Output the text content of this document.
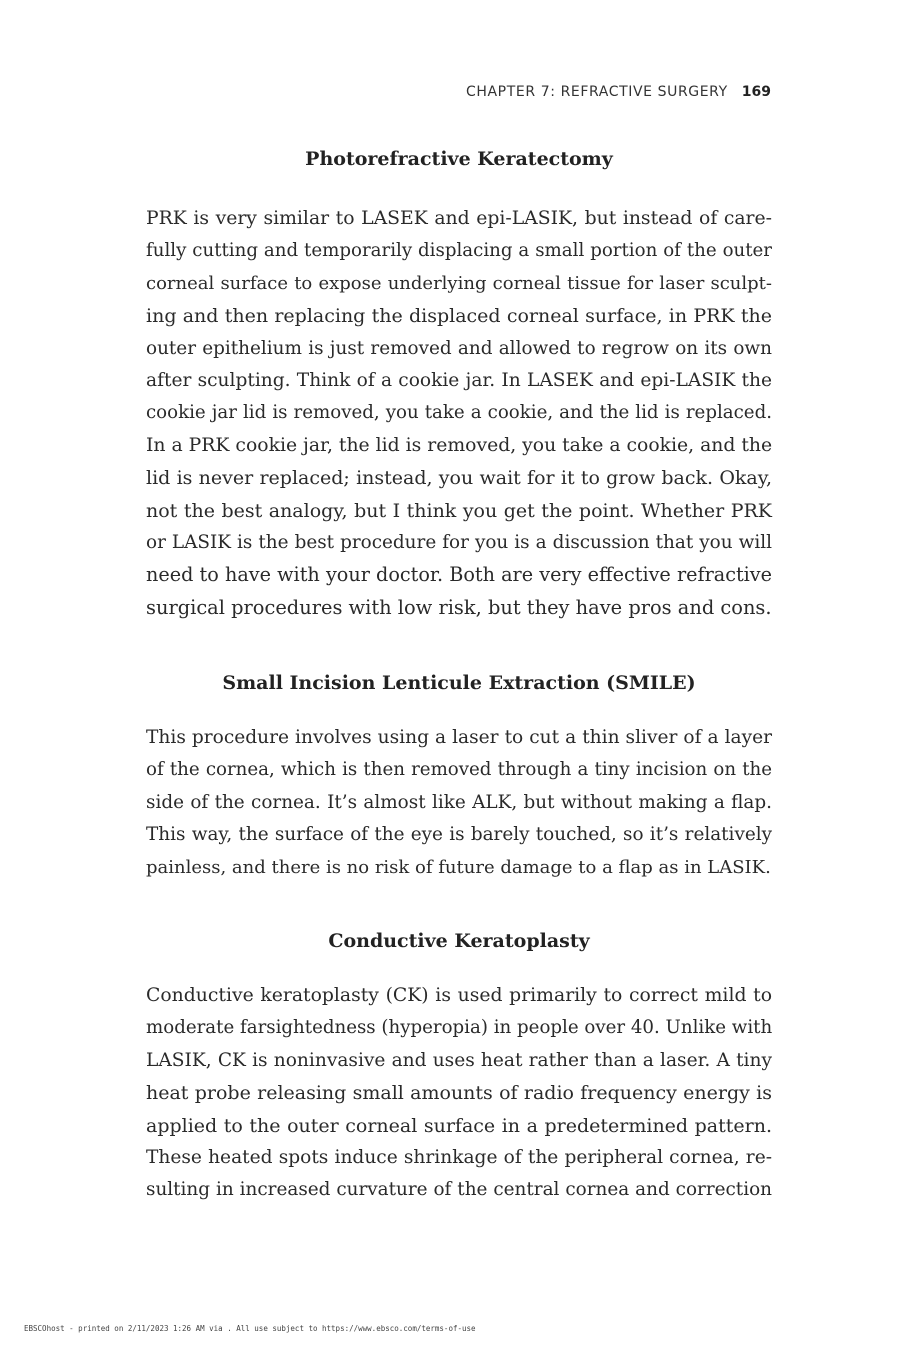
CHAPTER 7: REFRACTIVE SURGERY 169
Photorefractive Keratectomy
PRK is very similar to LASEK and epi-LASIK, but instead of care-
fully cutting and temporarily displacing a small portion of the outer
corneal surface to expose underlying corneal tissue for laser sculpt-
ing and then replacing the displaced corneal surface, in PRK the
outer epithelium is just removed and allowed to regrow on its own
after sculpting. Think of a cookie jar. In LASEK and epi-LASIK the
cookie jar lid is removed, you take a cookie, and the lid is replaced.
In a PRK cookie jar, the lid is removed, you take a cookie, and the
lid is never replaced; instead, you wait for it to grow back. Okay,
not the best analogy, but I think you get the point. Whether PRK
or LASIK is the best procedure for you is a discussion that you will
need to have with your doctor. Both are very effective refractive
surgical procedures with low risk, but they have pros and cons.
Small Incision Lenticule Extraction (SMILE)
This procedure involves using a laser to cut a thin sliver of a layer
of the cornea, which is then removed through a tiny incision on the
side of the cornea. It’s almost like ALK, but without making a flap.
This way, the surface of the eye is barely touched, so it’s relatively
painless, and there is no risk of future damage to a flap as in LASIK.
Conductive Keratoplasty
Conductive keratoplasty (CK) is used primarily to correct mild to
moderate farsightedness (hyperopia) in people over 40. Unlike with
LASIK, CK is noninvasive and uses heat rather than a laser. A tiny
heat probe releasing small amounts of radio frequency energy is
applied to the outer corneal surface in a predetermined pattern.
These heated spots induce shrinkage of the peripheral cornea, re-
sulting in increased curvature of the central cornea and correction
EBSCOhost - printed on 2/11/2023 1:26 AM via . All use subject to https://www.ebsco.com/terms-of-use
